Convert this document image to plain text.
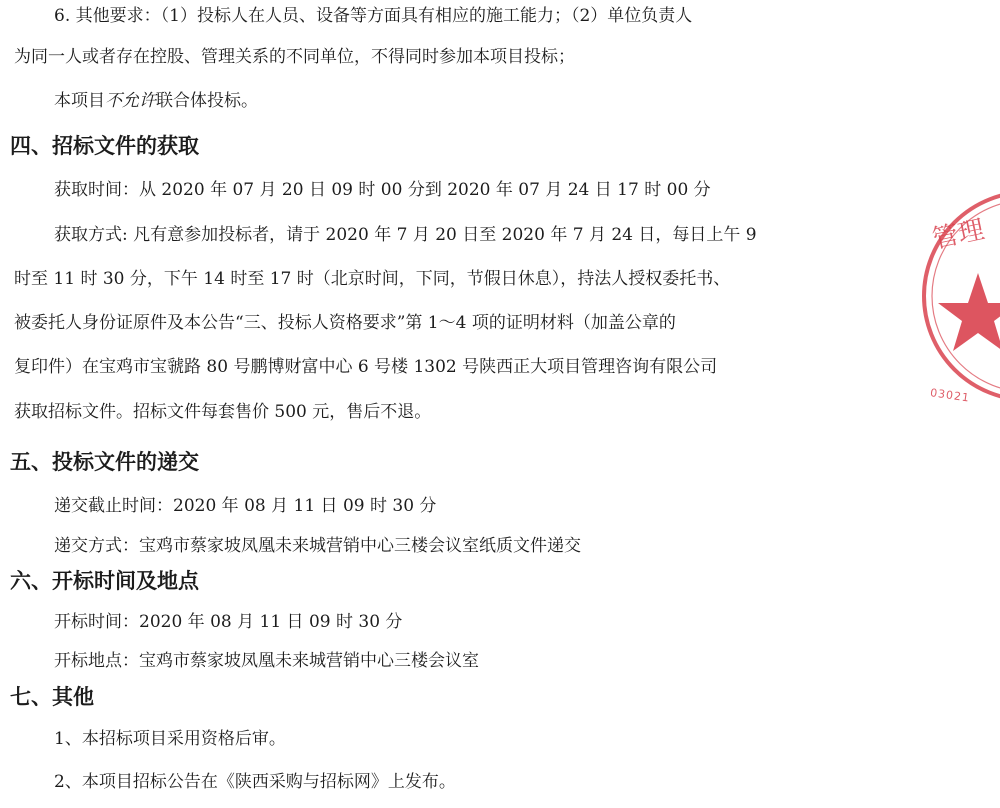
6. 其他要求：（1）投标人在人员、设备等方面具有相应的施工能力；（2）单位负责人
为同一人或者存在控股、管理关系的不同单位，不得同时参加本项目投标；
本项目不允许联合体投标。
四、招标文件的获取
获取时间：从 2020 年 07 月 20 日 09 时 00 分到 2020 年 07 月 24 日 17 时 00 分
获取方式: 凡有意参加投标者，请于 2020 年 7 月 20 日至 2020 年 7 月 24 日，每日上午 9
时至 11 时 30 分，下午 14 时至 17 时（北京时间，下同，节假日休息），持法人授权委托书、
被委托人身份证原件及本公告“三、投标人资格要求”第 1～4 项的证明材料（加盖公章的
复印件）在宝鸡市宝虢路 80 号鹏博财富中心 6 号楼 1302 号陕西正大项目管理咨询有限公司
获取招标文件。招标文件每套售价 500 元，售后不退。
五、投标文件的递交
递交截止时间：2020 年 08 月 11 日 09 时 30 分
递交方式：宝鸡市蔡家坡凤凰未来城营销中心三楼会议室纸质文件递交
六、开标时间及地点
开标时间：2020 年 08 月 11 日 09 时 30 分
开标地点：宝鸡市蔡家坡凤凰未来城营销中心三楼会议室
七、其他
1、本招标项目采用资格后审。
2、本项目招标公告在《陕西采购与招标网》上发布。
管理
03021
